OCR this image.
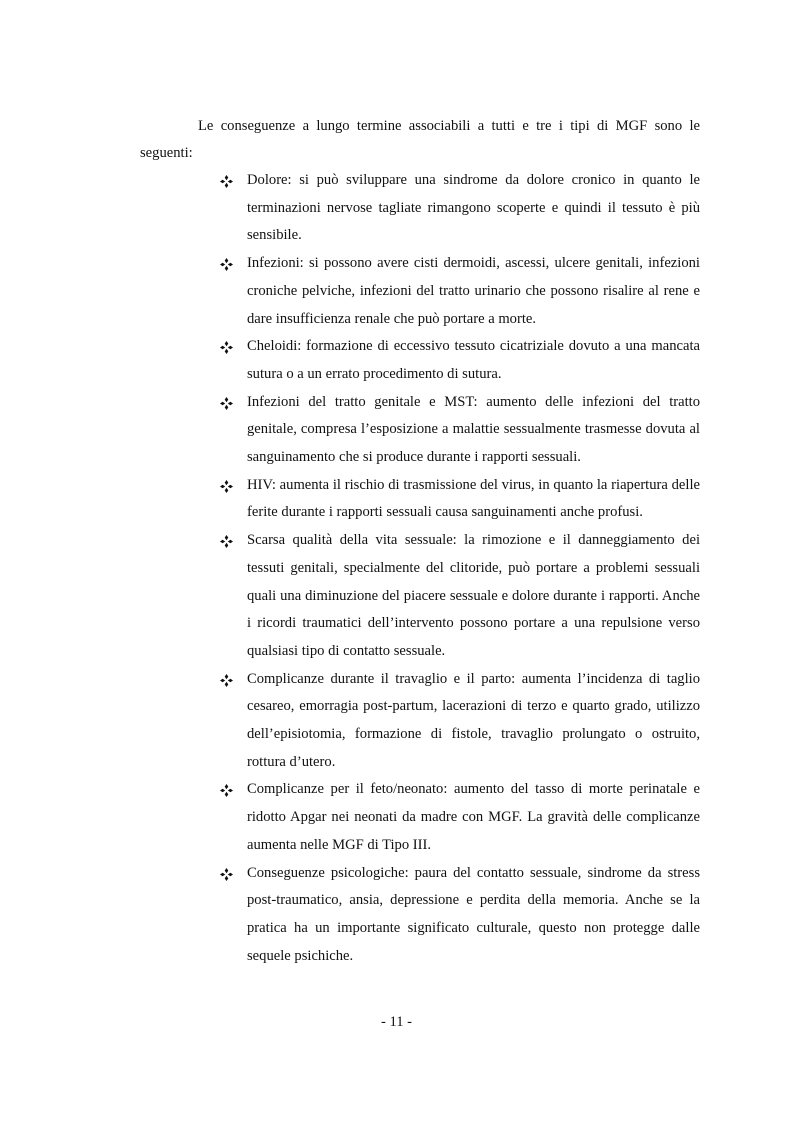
Le conseguenze a lungo termine associabili a tutti e tre i tipi di MGF sono le seguenti:

Dolore: si può sviluppare una sindrome da dolore cronico in quanto le terminazioni nervose tagliate rimangono scoperte e quindi il tessuto è più sensibile.
Infezioni: si possono avere cisti dermoidi, ascessi, ulcere genitali, infezioni croniche pelviche, infezioni del tratto urinario che possono risalire al rene e dare insufficienza renale che può portare a morte.
Cheloidi: formazione di eccessivo tessuto cicatriziale dovuto a una mancata sutura o a un errato procedimento di sutura.
Infezioni del tratto genitale e MST: aumento delle infezioni del tratto genitale, compresa l’esposizione a malattie sessualmente trasmesse dovuta al sanguinamento che si produce durante i rapporti sessuali.
HIV: aumenta il rischio di trasmissione del virus, in quanto la riapertura delle ferite durante i rapporti sessuali causa sanguinamenti anche profusi.
Scarsa qualità della vita sessuale: la rimozione e il danneggiamento dei tessuti genitali, specialmente del clitoride, può portare a problemi sessuali quali una diminuzione del piacere sessuale e dolore durante i rapporti. Anche i ricordi traumatici dell’intervento possono portare a una repulsione verso qualsiasi tipo di contatto sessuale.
Complicanze durante il travaglio e il parto: aumenta l’incidenza di taglio cesareo, emorragia post-partum, lacerazioni di terzo e quarto grado, utilizzo dell’episiotomia, formazione di fistole, travaglio prolungato o ostruito, rottura d’utero.
Complicanze per il feto/neonato: aumento del tasso di morte perinatale e ridotto Apgar nei neonati da madre con MGF. La gravità delle complicanze aumenta nelle MGF di Tipo III.
Conseguenze psicologiche: paura del contatto sessuale, sindrome da stress post-traumatico, ansia, depressione e perdita della memoria. Anche se la pratica ha un importante significato culturale, questo non protegge dalle sequele psichiche.
- 11 -
